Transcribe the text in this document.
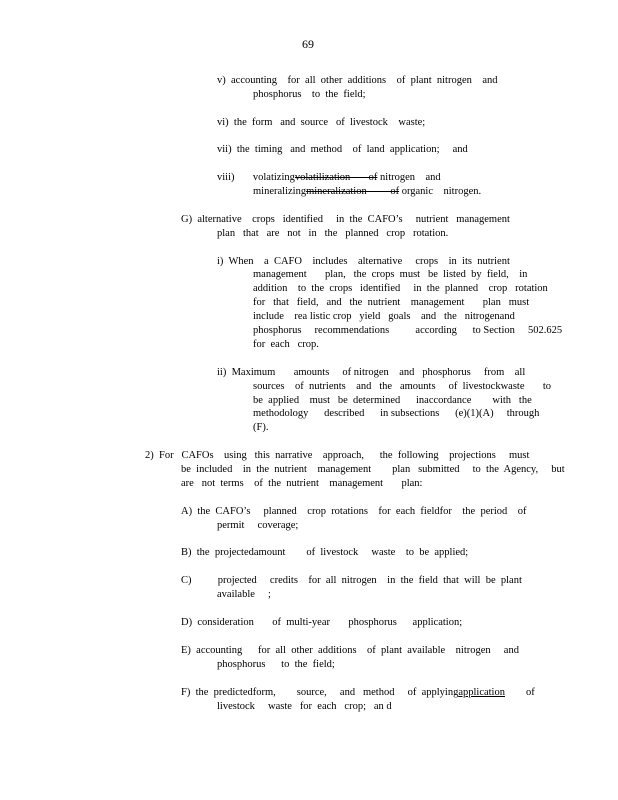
69
v)  accounting    for  all  other  additions    of  plant  nitrogen    and
phosphorus    to  the  field;
vi)  the  form   and  source   of  livestock    waste;
vii)  the  timing   and  method    of  land  application;     and
viii)       volatizingvolatilization       of nitrogen    and
mineralizingmineralization         of organic    nitrogen.
G)  alternative    crops   identified     in  the  CAFO’s     nutrient   management
plan   that   are   not   in   the   planned   crop   rotation.
i)  When    a  CAFO    includes    alternative     crops    in  its  nutrient
management       plan,   the  crops  must   be  listed  by  field,    in
addition    to  the  crops   identified     in  the  planned    crop   rotation
for   that   field,   and   the  nutrient    management       plan   must
include    rea listic crop   yield   goals    and   the   nitrogenand
phosphorus     recommendations          according      to Section     502.625
for  each   crop.
ii)  Maximum       amounts     of nitrogen    and   phosphorus     from    all
sources    of  nutrients    and   the   amounts     of  livestockwaste       to
be  applied    must   be  determined      inaccordance        with   the
methodology      described      in subsections      (e)(1)(A)     through
(F).
2)  For   CAFOs    using   this  narrative    approach,      the  following    projections     must
be  included    in  the  nutrient    management        plan   submitted     to  the  Agency,     but
are   not  terms    of  the  nutrient    management       plan:
A)  the  CAFO’s     planned    crop  rotations    for  each  fieldfor    the  period    of
permit     coverage;
B)  the  projectedamount        of  livestock     waste    to  be  applied;
C)          projected     credits    for  all  nitrogen    in  the  field  that  will  be  plant
available     ;
D)  consideration       of  multi-year       phosphorus      application;
E)  accounting      for  all  other  additions    of  plant  available    nitrogen     and
phosphorus      to  the  field;
F)  the  predictedform,        source,     and   method     of  applyingapplication        of
livestock     waste   for  each   crop;   an d
